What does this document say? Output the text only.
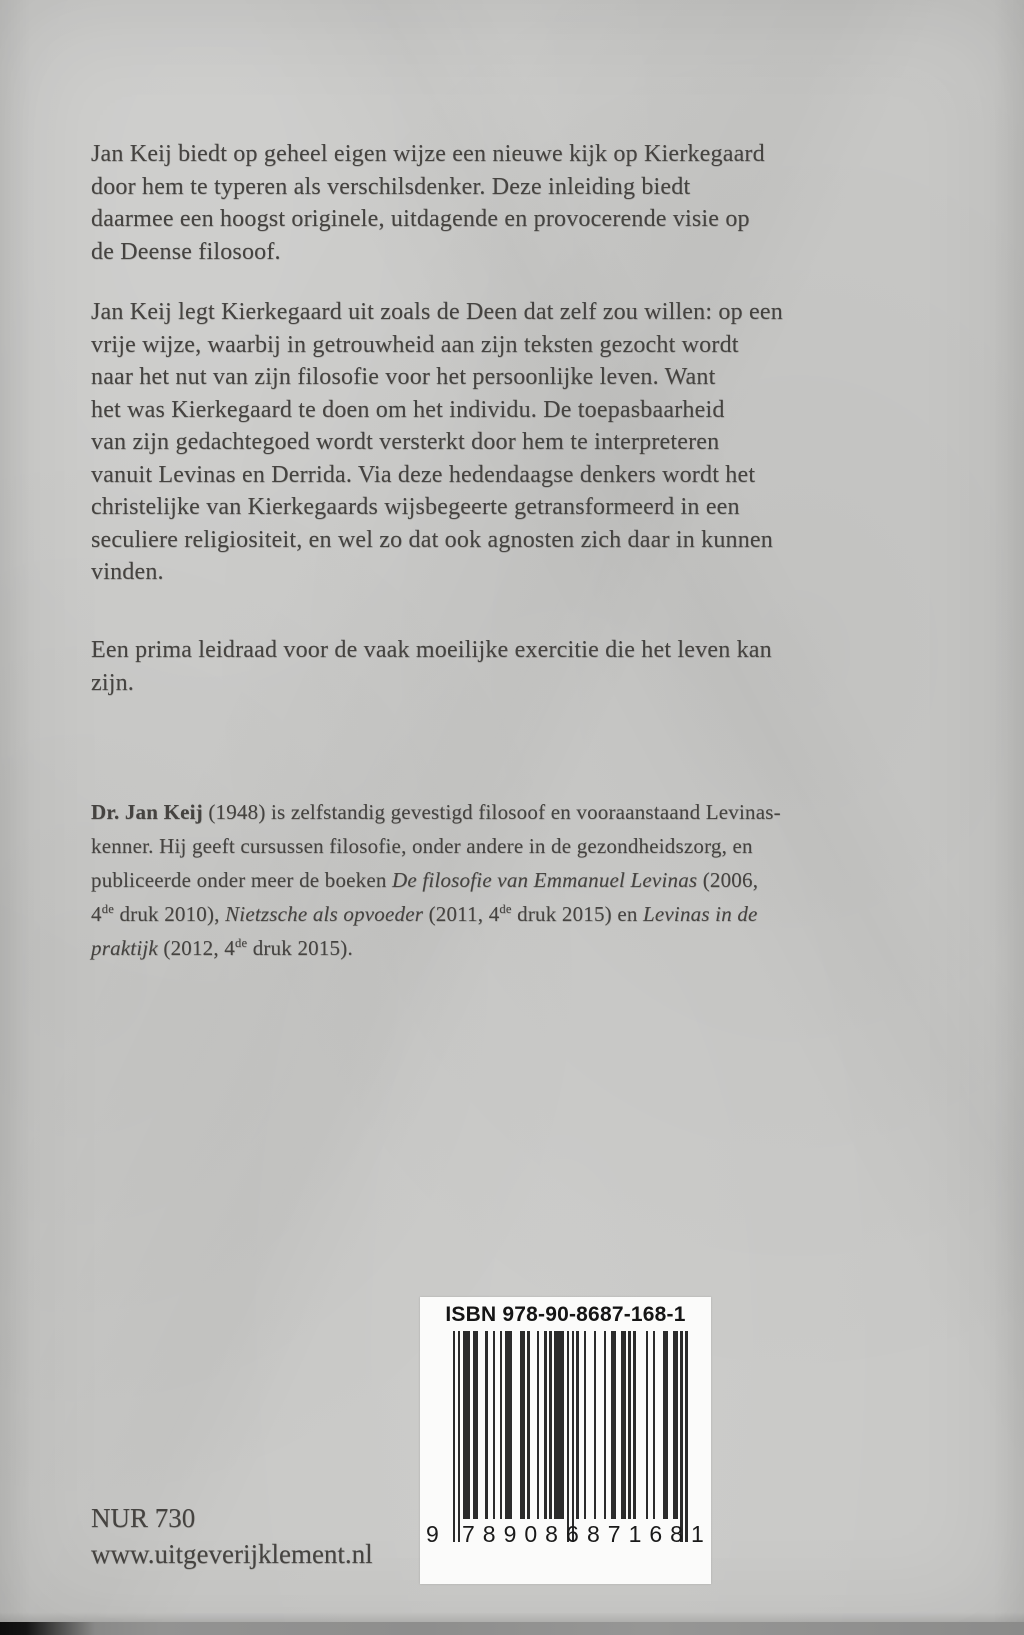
Jan Keij biedt op geheel eigen wijze een nieuwe kijk op Kierkegaard
door hem te typeren als verschilsdenker. Deze inleiding biedt
daarmee een hoogst originele, uitdagende en provocerende visie op
de Deense filosoof.
Jan Keij legt Kierkegaard uit zoals de Deen dat zelf zou willen: op een
vrije wijze, waarbij in getrouwheid aan zijn teksten gezocht wordt
naar het nut van zijn filosofie voor het persoonlijke leven. Want
het was Kierkegaard te doen om het individu. De toepasbaarheid
van zijn gedachtegoed wordt versterkt door hem te interpreteren
vanuit Levinas en Derrida. Via deze hedendaagse denkers wordt het
christelijke van Kierkegaards wijsbegeerte getransformeerd in een
seculiere religiositeit, en wel zo dat ook agnosten zich daar in kunnen
vinden.
Een prima leidraad voor de vaak moeilijke exercitie die het leven kan
zijn.
Dr. Jan Keij (1948) is zelfstandig gevestigd filosoof en vooraanstaand Levinas-
kenner. Hij geeft cursussen filosofie, onder andere in de gezondheidszorg, en
publiceerde onder meer de boeken De filosofie van Emmanuel Levinas (2006,
4de druk 2010), Nietzsche als opvoeder (2011, 4de druk 2015) en Levinas in de
praktijk (2012, 4de druk 2015).
NUR 730
www.uitgeverijklement.nl
ISBN 978-90-8687-168-1
9 789086 871681
